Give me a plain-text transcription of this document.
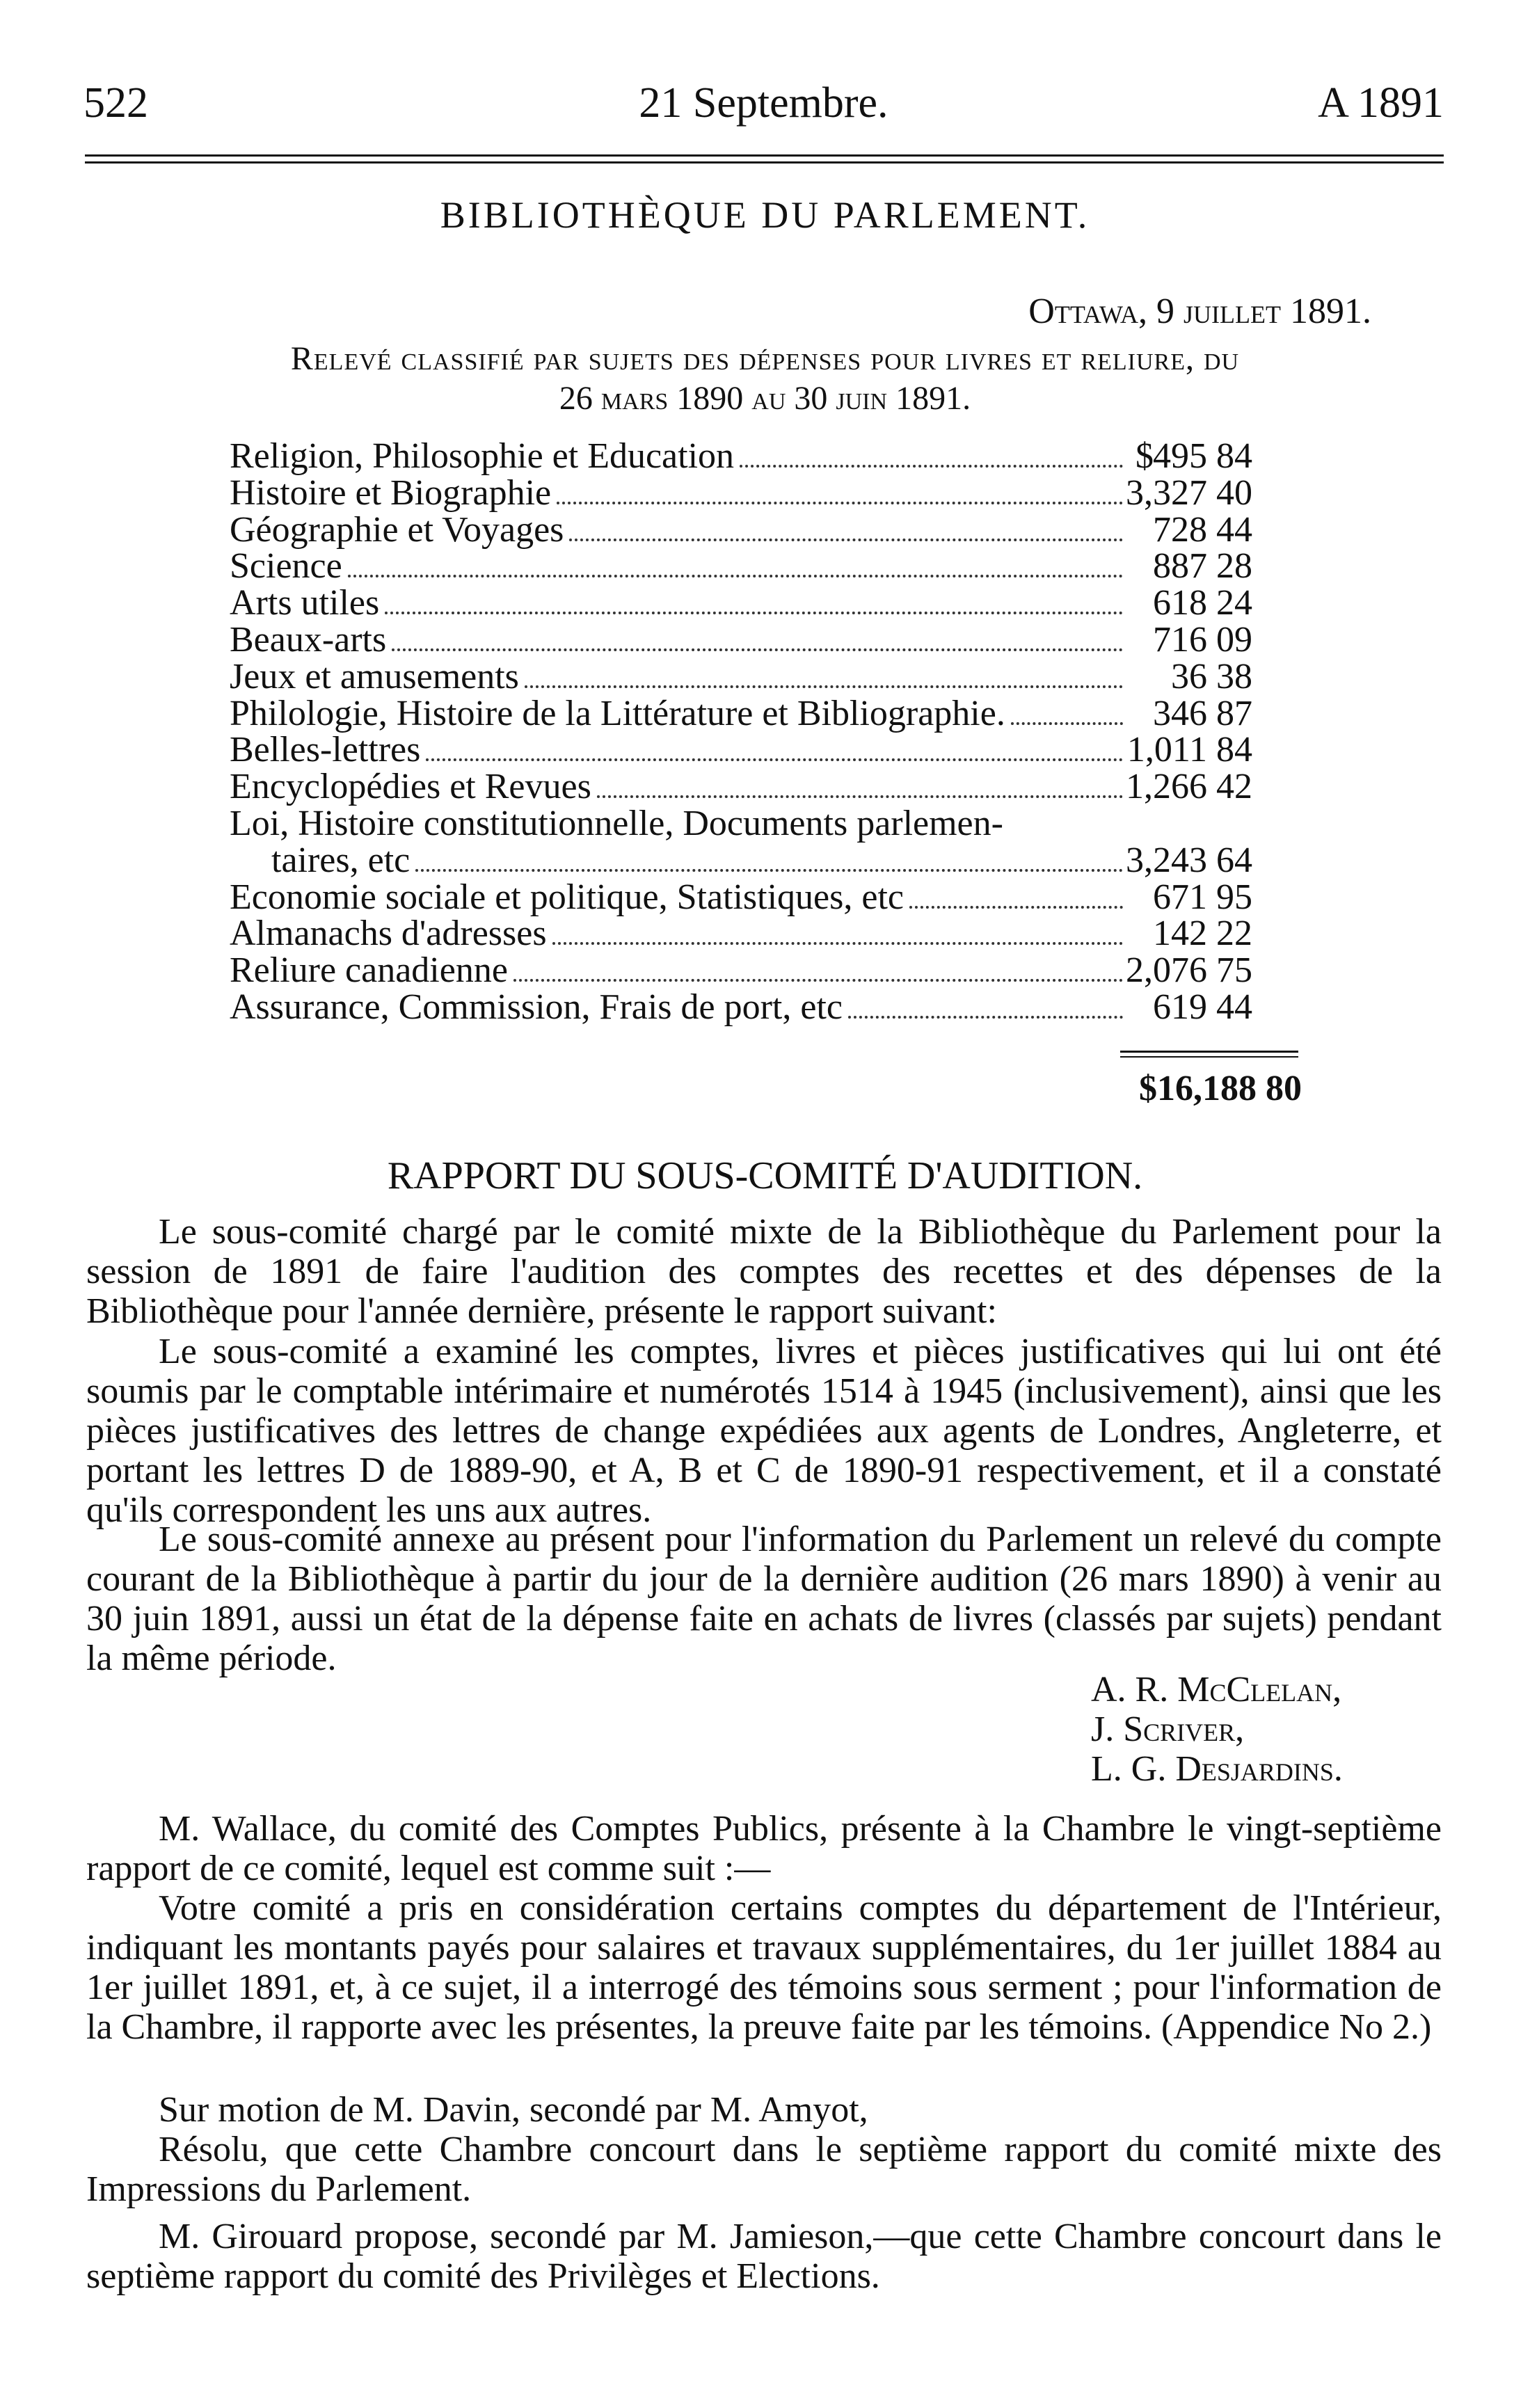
522	21 Septembre.	A 1891
BIBLIOTHÈQUE DU PARLEMENT.
Ottawa, 9 juillet 1891.
Relevé classifié par sujets des dépenses pour livres et reliure, du
26 mars 1890 au 30 juin 1891.
Religion, Philosophie et Education	$ 495 84
Histoire et Biographie	3,327 40
Géographie et Voyages	728 44
Science	887 28
Arts utiles	618 24
Beaux-arts	716 09
Jeux et amusements	36 38
Philologie, Histoire de la Littérature et Bibliographie.	346 87
Belles-lettres	1,011 84
Encyclopédies et Revues	1,266 42
Loi, Histoire constitutionnelle, Documents parlemen-
taires, etc	3,243 64
Economie sociale et politique, Statistiques, etc	671 95
Almanachs d'adresses	142 22
Reliure canadienne	2,076 75
Assurance, Commission, Frais de port, etc	619 44
$16,188 80
RAPPORT DU SOUS-COMITÉ D'AUDITION.

Le sous-comité chargé par le comité mixte de la Bibliothèque du Parlement pour la session de 1891 de faire l'audition des comptes des recettes et des dépenses de la Bibliothèque pour l'année dernière, présente le rapport suivant:

Le sous-comité a examiné les comptes, livres et pièces justificatives qui lui ont été soumis par le comptable intérimaire et numérotés 1514 à 1945 (inclusivement), ainsi que les pièces justificatives des lettres de change expédiées aux agents de Londres, Angleterre, et portant les lettres D de 1889-90, et A, B et C de 1890-91 respectivement, et il a constaté qu'ils correspondent les uns aux autres.

Le sous-comité annexe au présent pour l'information du Parlement un relevé du compte courant de la Bibliothèque à partir du jour de la dernière audition (26 mars 1890) à venir au 30 juin 1891, aussi un état de la dépense faite en achats de livres (classés par sujets) pendant la même période.

A. R. McClelan,
J. Scriver,
L. G. Desjardins.

M. Wallace, du comité des Comptes Publics, présente à la Chambre le vingt-septième rapport de ce comité, lequel est comme suit :—

Votre comité a pris en considération certains comptes du département de l'Intérieur, indiquant les montants payés pour salaires et travaux supplémentaires, du 1er juillet 1884 au 1er juillet 1891, et, à ce sujet, il a interrogé des témoins sous serment ; pour l'information de la Chambre, il rapporte avec les présentes, la preuve faite par les témoins. (Appendice No 2.)

Sur motion de M. Davin, secondé par M. Amyot,

Résolu, que cette Chambre concourt dans le septième rapport du comité mixte des Impressions du Parlement.

M. Girouard propose, secondé par M. Jamieson,—que cette Chambre concourt dans le septième rapport du comité des Privilèges et Elections.
